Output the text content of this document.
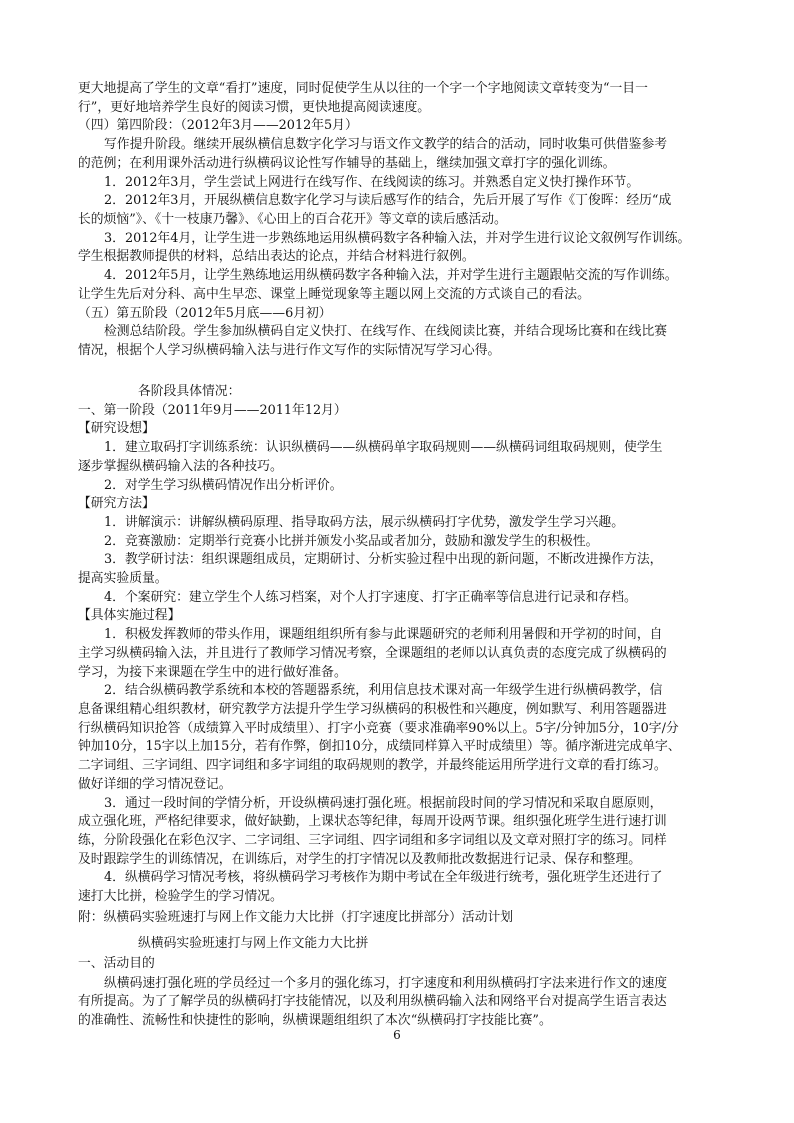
更大地提高了学生的文章“看打”速度，同时促使学生从以往的一个字一个字地阅读文章转变为“一目一
行”，更好地培养学生良好的阅读习惯，更快地提高阅读速度。
（四）第四阶段：（2012年3月——2012年5月）
写作提升阶段。继续开展纵横信息数字化学习与语文作文教学的结合的活动，同时收集可供借鉴参考
的范例；在利用课外活动进行纵横码议论性写作辅导的基础上，继续加强文章打字的强化训练。
1．2012年3月，学生尝试上网进行在线写作、在线阅读的练习。并熟悉自定义快打操作环节。
2．2012年3月，开展纵横信息数字化学习与读后感写作的结合，先后开展了写作《丁俊晖：经历“成
长的烦恼”》、《十一枝康乃馨》、《心田上的百合花开》等文章的读后感活动。
3．2012年4月，让学生进一步熟练地运用纵横码数字各种输入法，并对学生进行议论文叙例写作训练。
学生根据教师提供的材料，总结出表达的论点，并结合材料进行叙例。
4．2012年5月，让学生熟练地运用纵横码数字各种输入法，并对学生进行主题跟帖交流的写作训练。
让学生先后对分科、高中生早恋、课堂上睡觉现象等主题以网上交流的方式谈自己的看法。
（五）第五阶段（2012年5月底——6月初）
检测总结阶段。学生参加纵横码自定义快打、在线写作、在线阅读比赛，并结合现场比赛和在线比赛
情况，根据个人学习纵横码输入法与进行作文写作的实际情况写学习心得。
各阶段具体情况：
一、第一阶段（2011年9月——2011年12月）
【研究设想】
1．建立取码打字训练系统：认识纵横码——纵横码单字取码规则——纵横码词组取码规则，使学生
逐步掌握纵横码输入法的各种技巧。
2．对学生学习纵横码情况作出分析评价。
【研究方法】
1．讲解演示：讲解纵横码原理、指导取码方法，展示纵横码打字优势，激发学生学习兴趣。
2．竞赛激励：定期举行竞赛小比拼并颁发小奖品或者加分，鼓励和激发学生的积极性。
3．教学研讨法：组织课题组成员，定期研讨、分析实验过程中出现的新问题，不断改进操作方法，
提高实验质量。
4．个案研究：建立学生个人练习档案，对个人打字速度、打字正确率等信息进行记录和存档。
【具体实施过程】
1．积极发挥教师的带头作用，课题组组织所有参与此课题研究的老师利用暑假和开学初的时间，自
主学习纵横码输入法，并且进行了教师学习情况考察，全课题组的老师以认真负责的态度完成了纵横码的
学习，为接下来课题在学生中的进行做好准备。
2．结合纵横码教学系统和本校的答题器系统，利用信息技术课对高一年级学生进行纵横码教学，信
息备课组精心组织教材，研究教学方法提升学生学习纵横码的积极性和兴趣度，例如默写、利用答题器进
行纵横码知识抢答（成绩算入平时成绩里）、打字小竞赛（要求准确率90%以上。5字/分钟加5分，10字/分
钟加10分，15字以上加15分，若有作弊，倒扣10分，成绩同样算入平时成绩里）等。循序渐进完成单字、
二字词组、三字词组、四字词组和多字词组的取码规则的教学，并最终能运用所学进行文章的看打练习。
做好详细的学习情况登记。
3．通过一段时间的学情分析，开设纵横码速打强化班。根据前段时间的学习情况和采取自愿原则，
成立强化班，严格纪律要求，做好缺勤，上课状态等纪律，每周开设两节课。组织强化班学生进行速打训
练，分阶段强化在彩色汉字、二字词组、三字词组、四字词组和多字词组以及文章对照打字的练习。同样
及时跟踪学生的训练情况，在训练后，对学生的打字情况以及教师批改数据进行记录、保存和整理。
4．纵横码学习情况考核，将纵横码学习考核作为期中考试在全年级进行统考，强化班学生还进行了
速打大比拼，检验学生的学习情况。
附：纵横码实验班速打与网上作文能力大比拼（打字速度比拼部分）活动计划
纵横码实验班速打与网上作文能力大比拼
一、活动目的
纵横码速打强化班的学员经过一个多月的强化练习，打字速度和利用纵横码打字法来进行作文的速度
有所提高。为了了解学员的纵横码打字技能情况，以及利用纵横码输入法和网络平台对提高学生语言表达
的准确性、流畅性和快捷性的影响，纵横课题组组织了本次“纵横码打字技能比赛”。
6
